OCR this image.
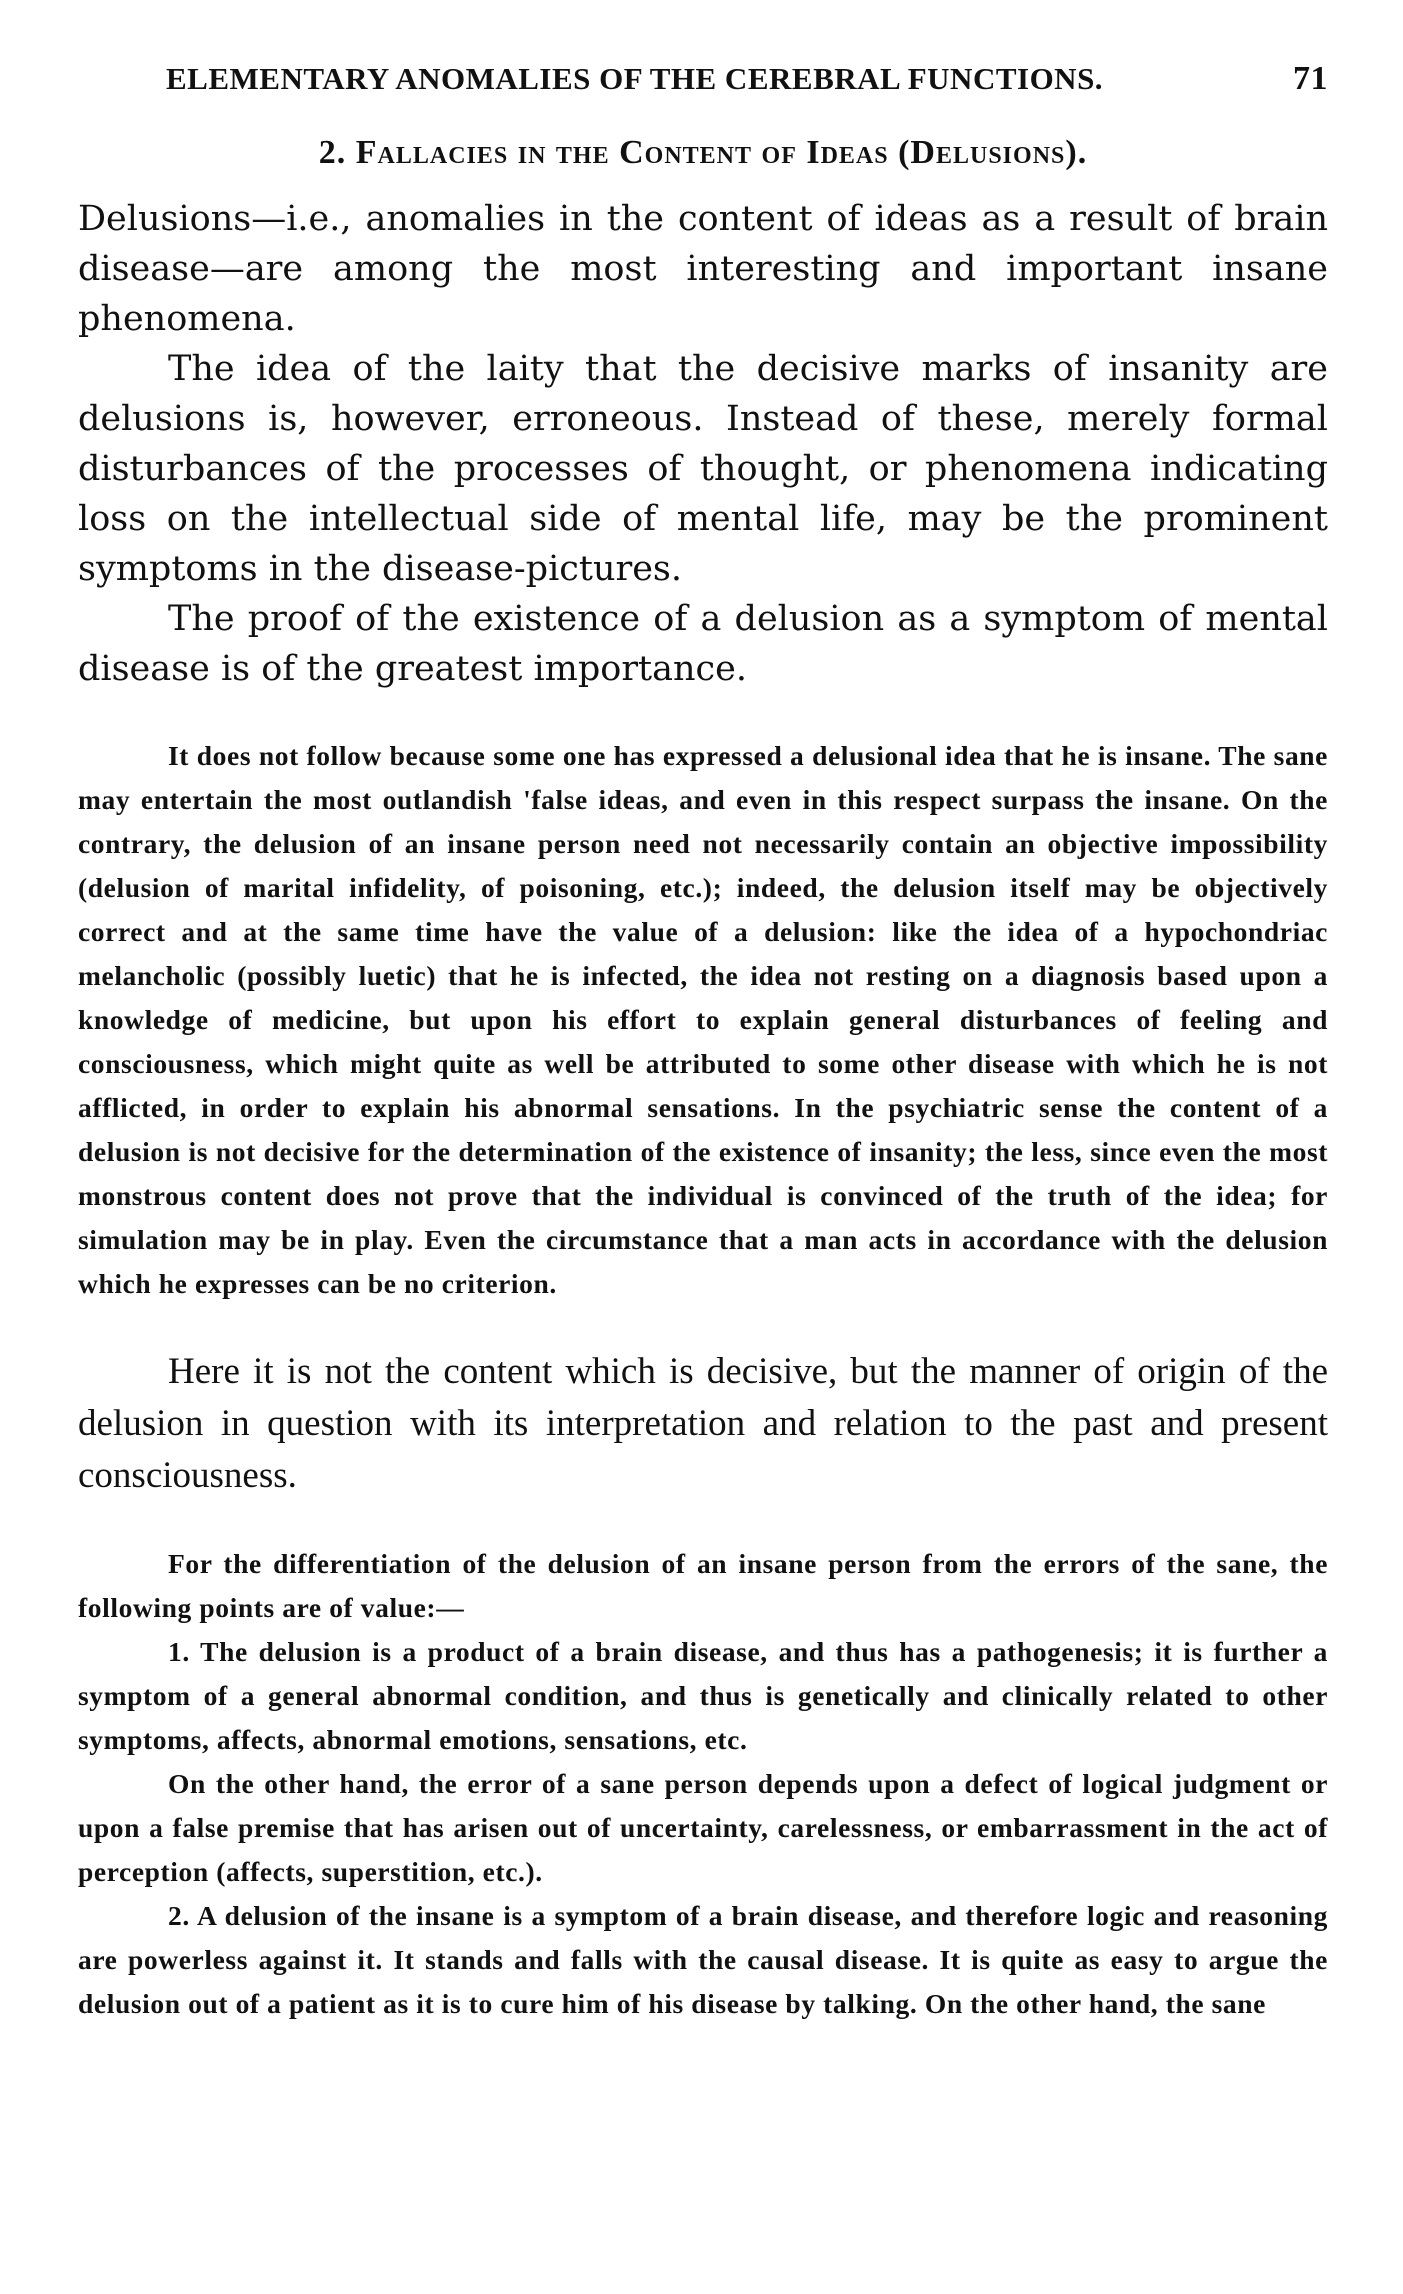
ELEMENTARY ANOMALIES OF THE CEREBRAL FUNCTIONS.	71
2. Fallacies in the Content of Ideas (Delusions).

Delusions—i.e., anomalies in the content of ideas as a result of brain disease—are among the most interesting and important insane phenomena.

The idea of the laity that the decisive marks of insanity are delusions is, however, erroneous. Instead of these, merely formal disturbances of the processes of thought, or phenomena indicating loss on the intellectual side of mental life, may be the prominent symptoms in the disease-pictures.

The proof of the existence of a delusion as a symptom of mental disease is of the greatest importance.

It does not follow because some one has expressed a delusional idea that he is insane. The sane may entertain the most outlandish 'false ideas, and even in this respect surpass the insane. On the contrary, the delusion of an insane person need not necessarily contain an objective impossibility (delusion of marital infidelity, of poisoning, etc.); indeed, the delusion itself may be objectively correct and at the same time have the value of a delusion: like the idea of a hypochondriac melancholic (possibly luetic) that he is infected, the idea not resting on a diagnosis based upon a knowledge of medicine, but upon his effort to explain general disturbances of feeling and consciousness, which might quite as well be attributed to some other disease with which he is not afflicted, in order to explain his abnormal sensations. In the psychiatric sense the content of a delusion is not decisive for the determination of the existence of insanity; the less, since even the most monstrous content does not prove that the individual is convinced of the truth of the idea; for simulation may be in play. Even the circumstance that a man acts in accordance with the delusion which he expresses can be no criterion.

Here it is not the content which is decisive, but the manner of origin of the delusion in question with its interpretation and relation to the past and present consciousness.

For the differentiation of the delusion of an insane person from the errors of the sane, the following points are of value:—

1. The delusion is a product of a brain disease, and thus has a pathogenesis; it is further a symptom of a general abnormal condition, and thus is genetically and clinically related to other symptoms, affects, abnormal emotions, sensations, etc.

On the other hand, the error of a sane person depends upon a defect of logical judgment or upon a false premise that has arisen out of uncertainty, carelessness, or embarrassment in the act of perception (affects, superstition, etc.).

2. A delusion of the insane is a symptom of a brain disease, and therefore logic and reasoning are powerless against it. It stands and falls with the causal disease. It is quite as easy to argue the delusion out of a patient as it is to cure him of his disease by talking. On the other hand, the sane
